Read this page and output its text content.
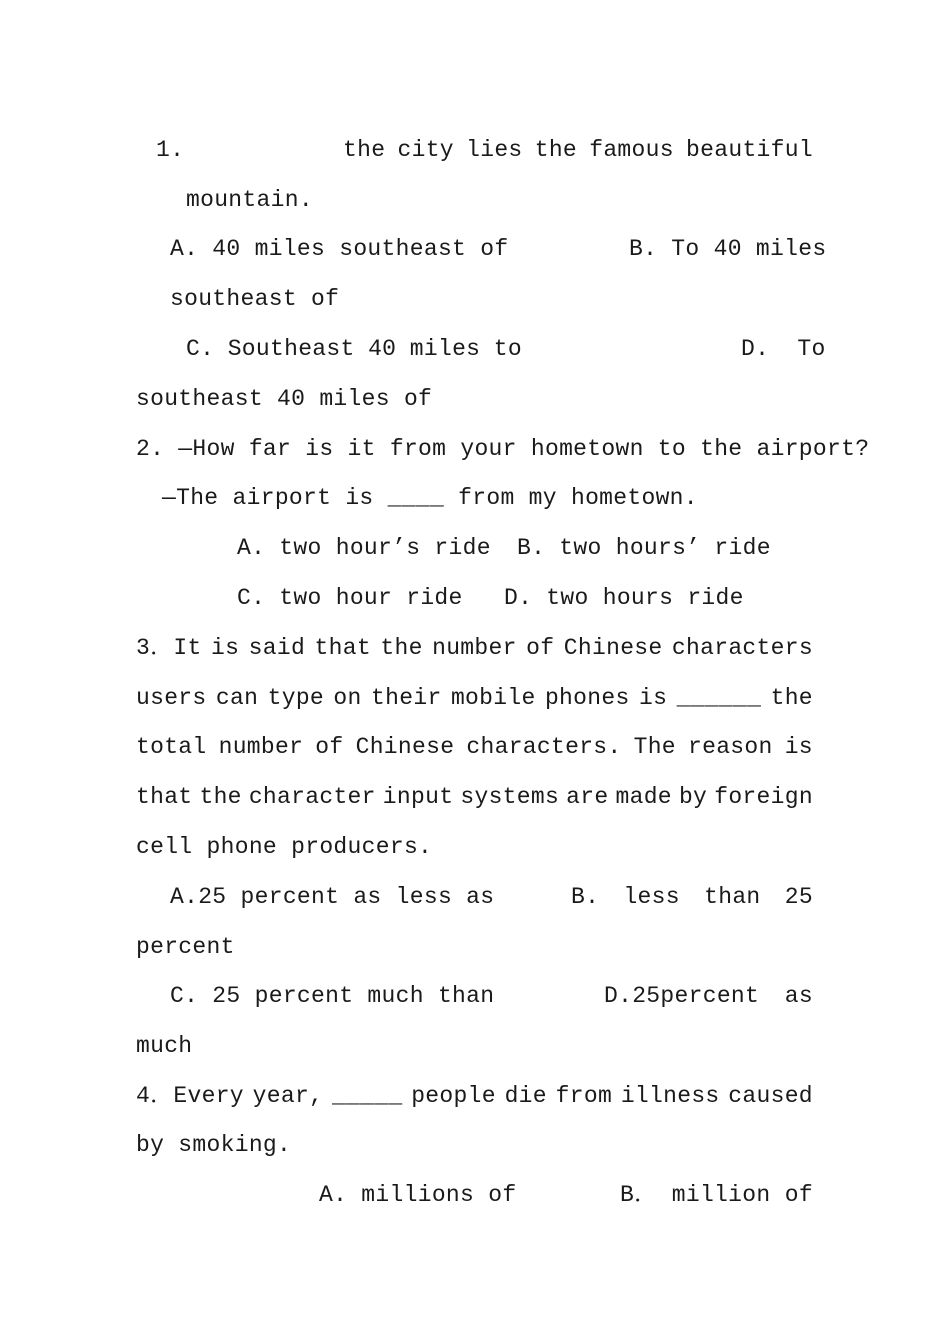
1.	the city lies the famous beautiful
mountain.
A. 40 miles southeast of	B. To 40 miles
southeast of
C. Southeast 40 miles to	D.  To
southeast 40 miles of
2. —How far is it from your hometown to the airport?
—The airport is ____ from my hometown.
A. two hour’s ride B. two hours’ ride
C. two hour ride D. two hours ride
3．It is said that the number of Chinese characters
users can type on their mobile phones is ______ the
total number of Chinese characters. The reason is
that the character input systems are made by foreign
cell phone producers.
A.25 percent as less as	B. less than 25
percent
C. 25 percent much than	D.25percent as
much
4．Every year, _____ people die from illness caused
by smoking.
A. millions of	B． million of
